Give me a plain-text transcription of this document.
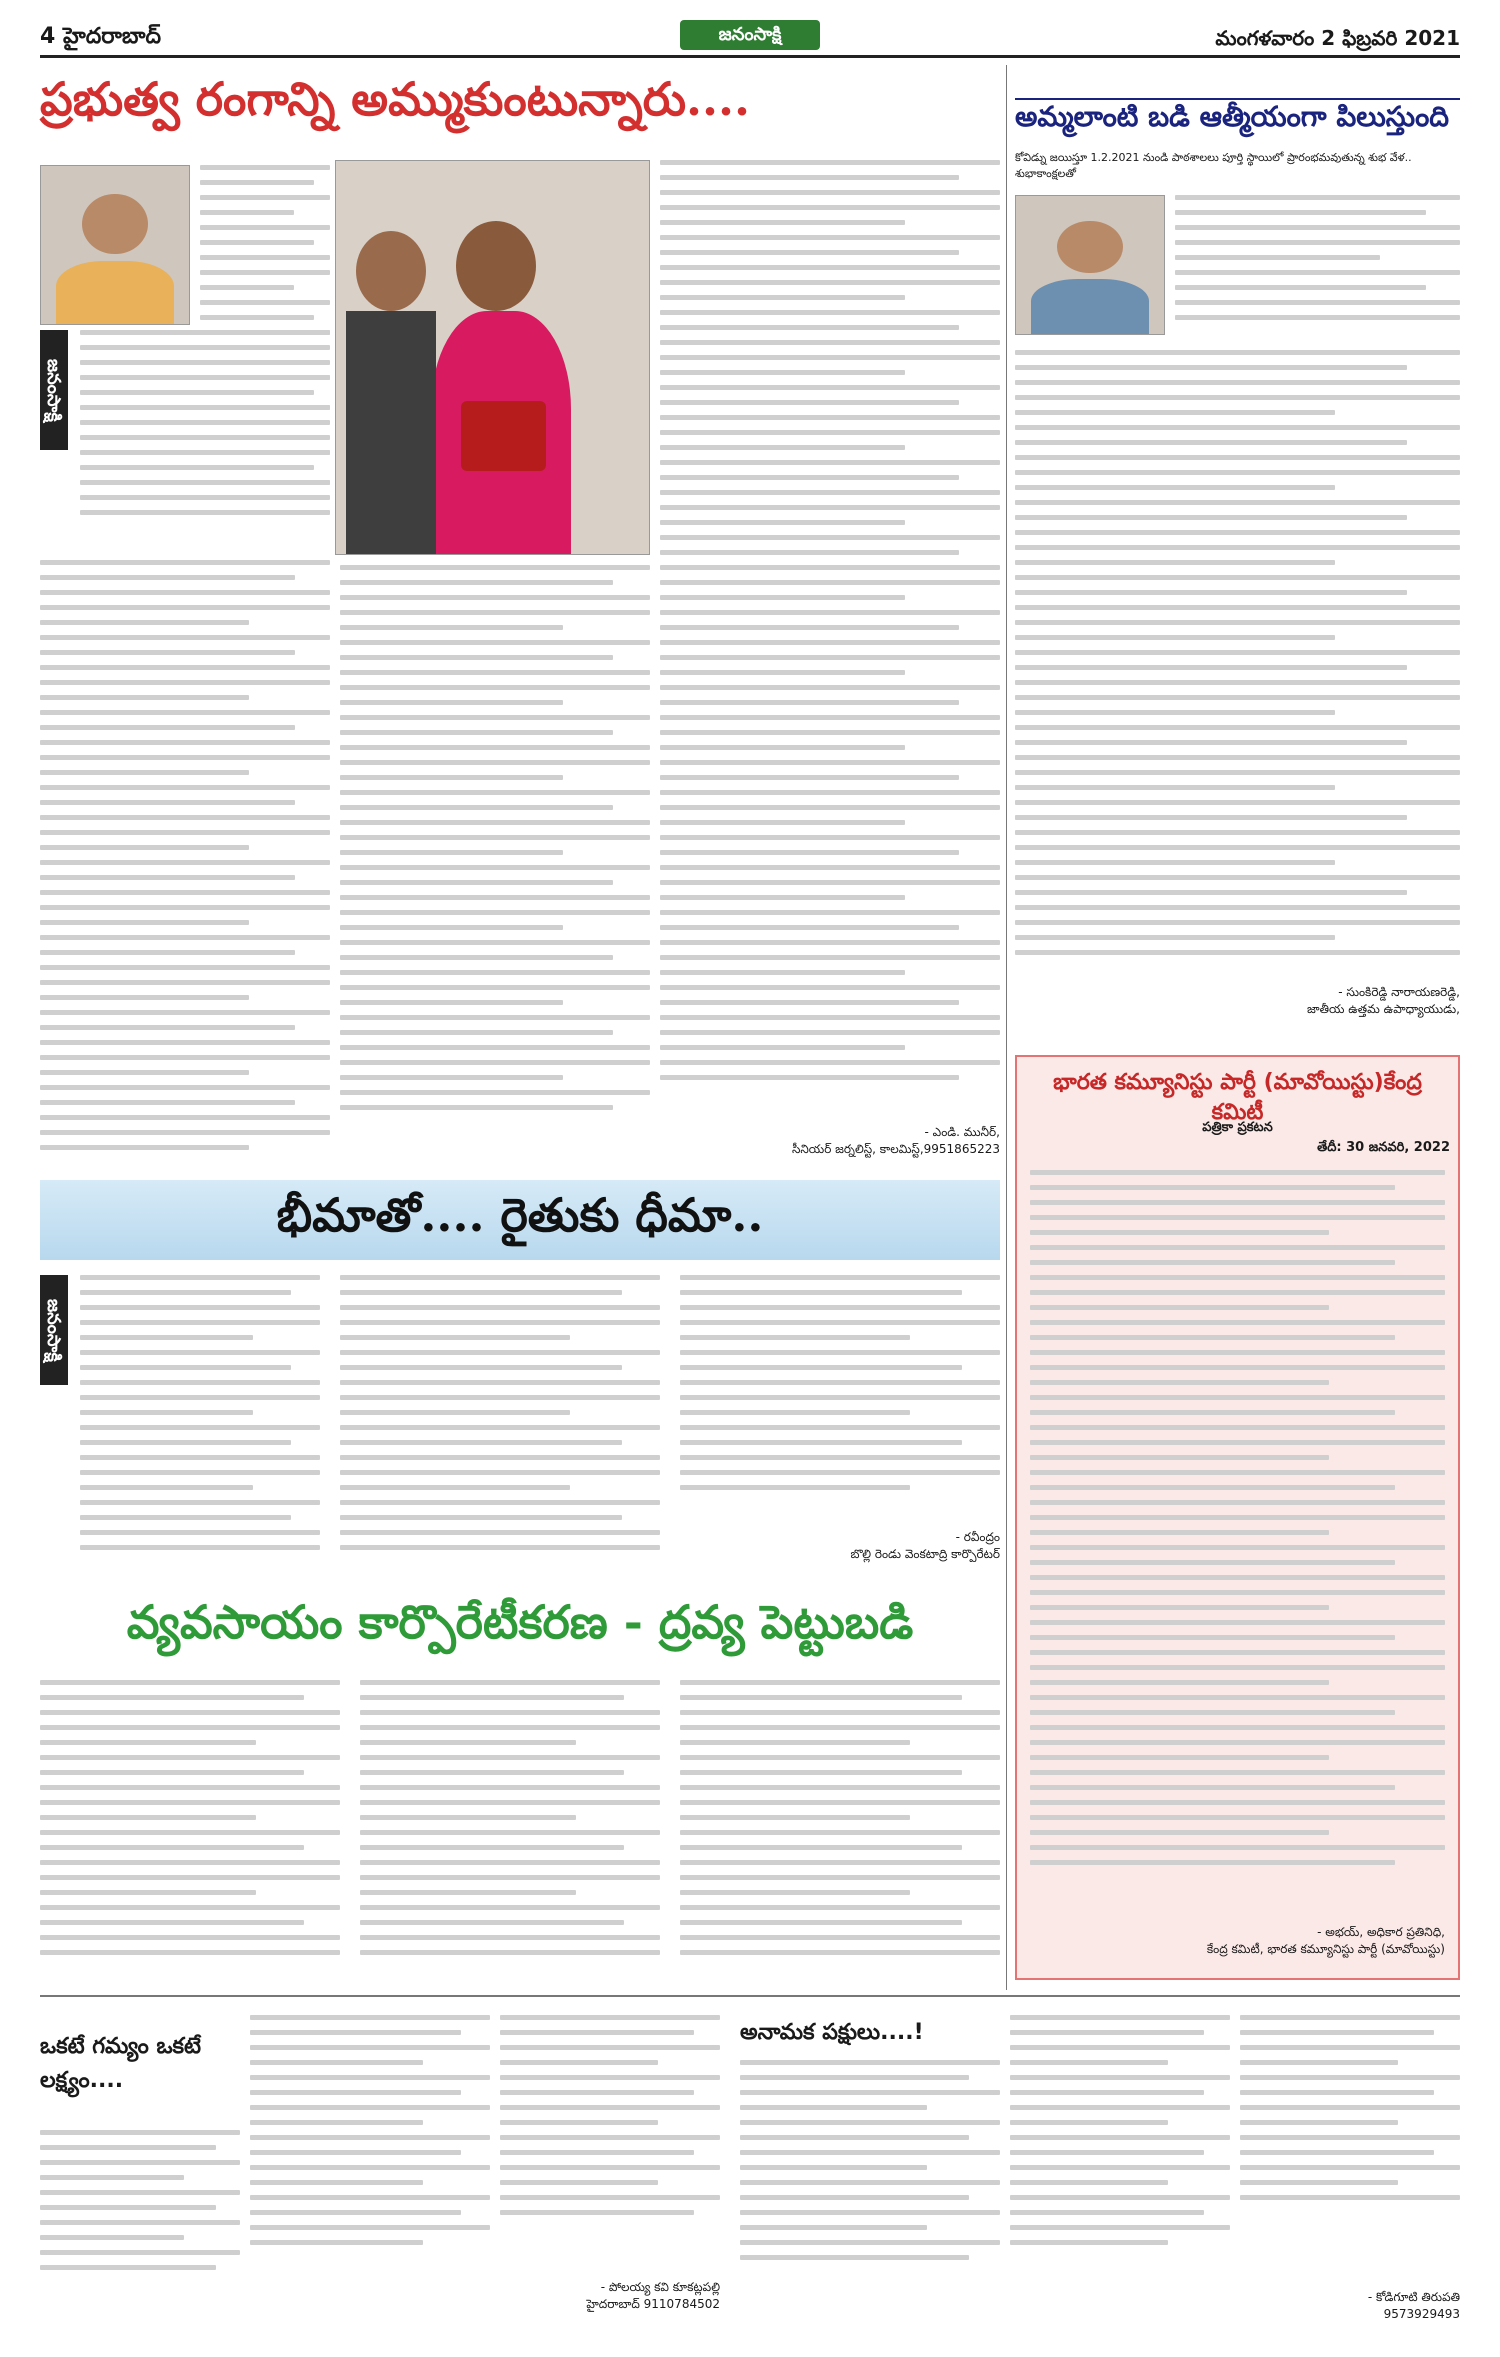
4 హైదరాబాద్	జనంసాక్షి	మంగళవారం 2 ఫిబ్రవరి 2021
ప్రభుత్వ రంగాన్ని అమ్ముకుంటున్నారు....
జనంసాక్షి
- ఎండి. మునీర్,
సీనియర్ జర్నలిస్ట్, కాలమిస్ట్,9951865223
భీమాతో.... రైతుకు ధీమా..
జనంసాక్షి
- రవీంద్రం
బొల్లి రెండు వెంకటాద్రి కార్పొరేటర్
వ్యవసాయం కార్పొరేటీకరణ - ద్రవ్య పెట్టుబడి
ఒకటే గమ్యం ఒకటే లక్ష్యం....
- పోలయ్య కవి కూకట్లపల్లి
హైదరాబాద్ 9110784502
అనామక పక్షులు....!
- కోడిగూటి తిరుపతి
9573929493
అమ్మలాంటి బడి ఆత్మీయంగా పిలుస్తుంది
కోవిడ్ను జయిస్తూ 1.2.2021 నుండి పాఠశాలలు పూర్తి స్థాయిలో ప్రారంభమవుతున్న శుభ వేళ.. శుభాకాంక్షలతో
- సుంకిరెడ్డి నారాయణరెడ్డి,
జాతీయ ఉత్తమ ఉపాధ్యాయుడు,
భారత కమ్యూనిస్టు పార్టీ (మావోయిస్టు)కేంద్ర కమిటీ
పత్రికా ప్రకటన
తేదీ: 30 జనవరి, 2022
- అభయ్, అధికార ప్రతినిధి,
కేంద్ర కమిటీ, భారత కమ్యూనిస్టు పార్టీ (మావోయిస్టు)
